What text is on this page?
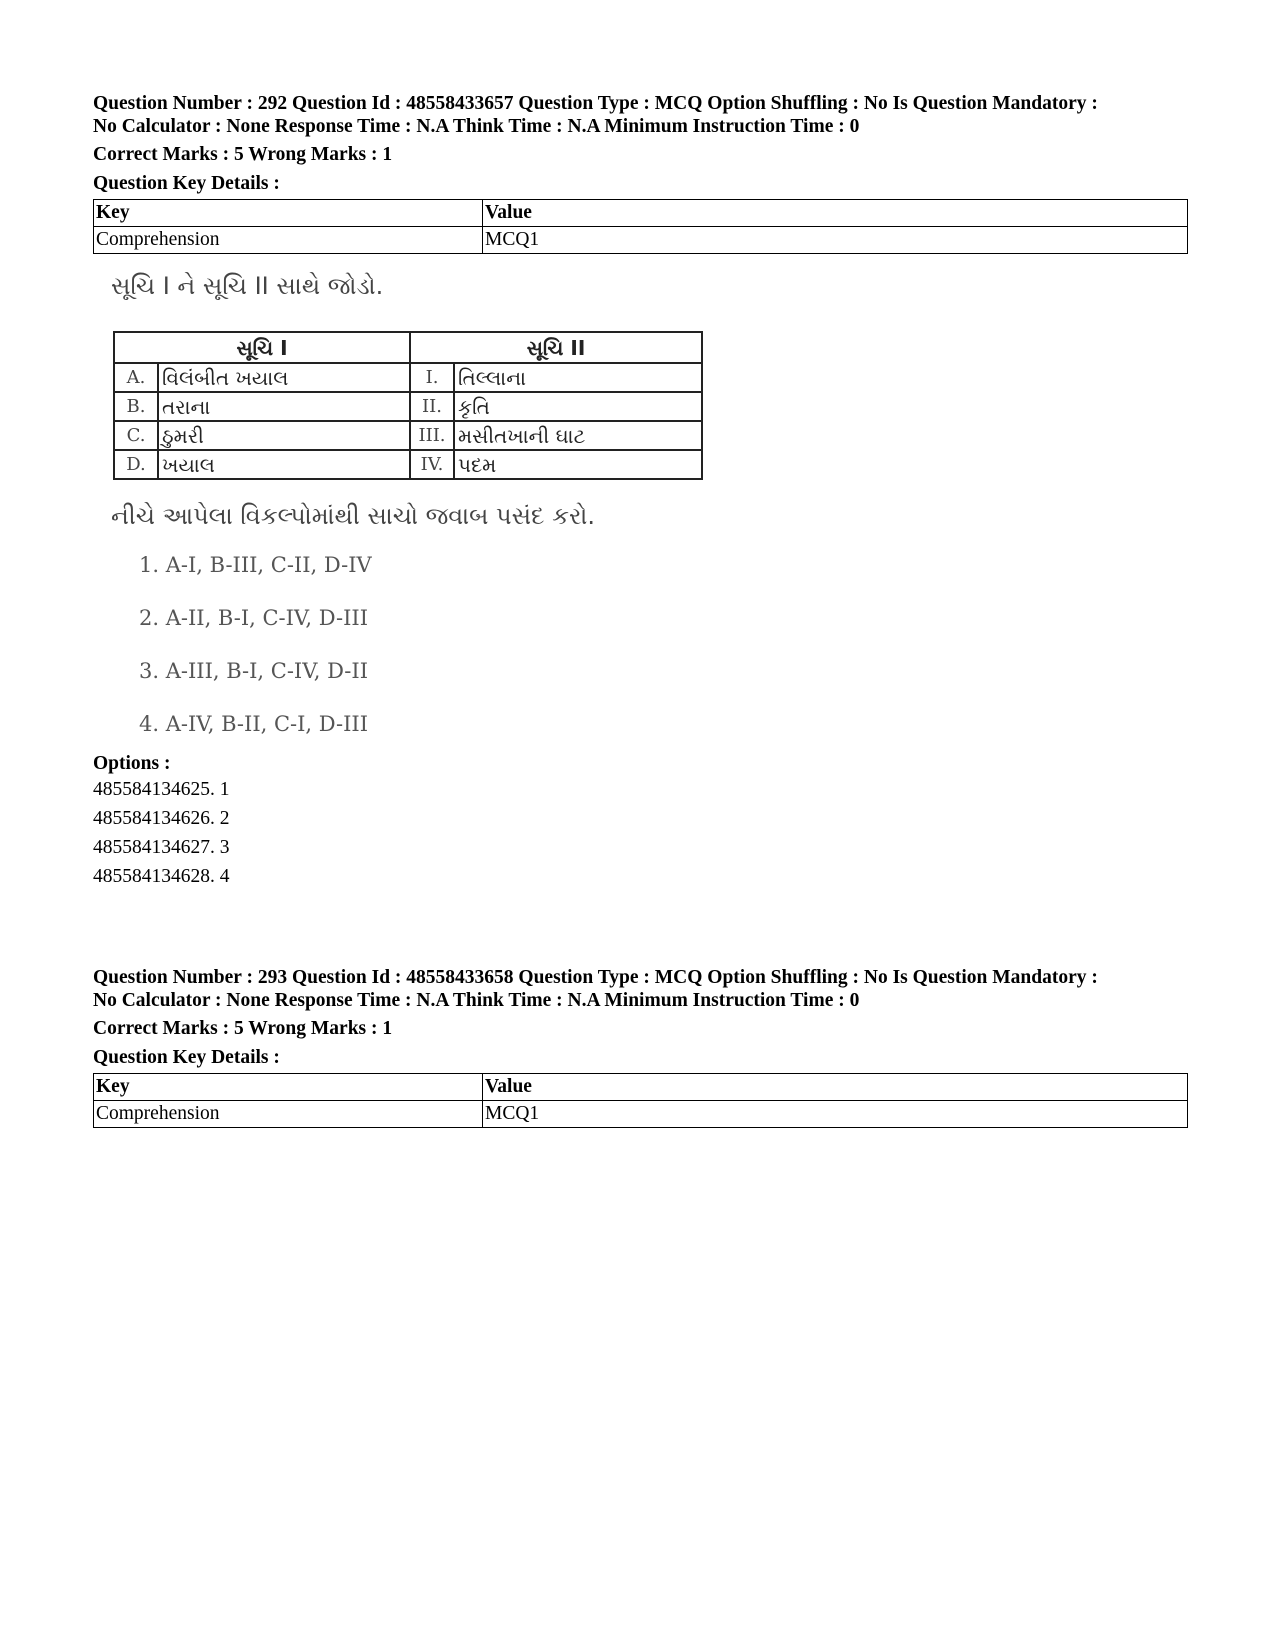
Question Number : 292 Question Id : 48558433657 Question Type : MCQ Option Shuffling : No Is Question Mandatory :
No Calculator : None Response Time : N.A Think Time : N.A Minimum Instruction Time : 0
Correct Marks : 5 Wrong Marks : 1
Question Key Details :
Key	Value
Comprehension	MCQ1
સૂચિ I ને સૂચિ II સાથે જોડો.
સૂચિ I		સૂચિ II	
A.	વિલંબીત ખયાલ	I.	તિલ્લાના
B.	તરાના	II.	કૃતિ
C.	ઠુમરી	III.	મસીતખાની ઘાટ
D.	ખયાલ	IV.	પદમ
નીચે આપેલા વિકલ્પોમાંથી સાચો જવાબ પસંદ કરો.
1. A-I, B-III, C-II, D-IV
2. A-II, B-I, C-IV, D-III
3. A-III, B-I, C-IV, D-II
4. A-IV, B-II, C-I, D-III
Options :
485584134625. 1
485584134626. 2
485584134627. 3
485584134628. 4
Question Number : 293 Question Id : 48558433658 Question Type : MCQ Option Shuffling : No Is Question Mandatory :
No Calculator : None Response Time : N.A Think Time : N.A Minimum Instruction Time : 0
Correct Marks : 5 Wrong Marks : 1
Question Key Details :
Key	Value
Comprehension	MCQ1
